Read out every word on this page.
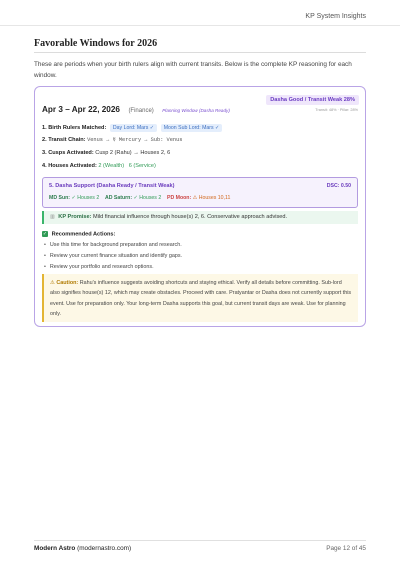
KP System Insights
Favorable Windows for 2026

These are periods when your birth rulers align with current transits. Below is the complete KP reasoning for each window.

Apr 3 – Apr 22, 2026 (Finance) Planning Window (Dasha Ready)
Dasha Good / Transit Weak 28%
Transit: 48% · Pillar: 28%
1. Birth Rulers Matched: Day Lord: Mars ✓ Moon Sub Lord: Mars ✓
2. Transit Chain: Venus → ☿ Mercury → Sub: Venus
3. Cusps Activated: Cusp 2 (Rahu) → Houses 2, 6
4. Houses Activated: 2 (Wealth) 6 (Service)
5. Dasha Support (Dasha Ready / Transit Weak)	DSC: 0.50
MD Sun: ✓ Houses 2 AD Saturn: ✓ Houses 2 PD Moon: ⚠ Houses 10,11
▥ KP Promise: Mild financial influence through house(s) 2, 6. Conservative approach advised.
✓ Recommended Actions:
• Use this time for background preparation and research.
• Review your current finance situation and identify gaps.
• Review your portfolio and research options.
⚠ Caution: Rahu's influence suggests avoiding shortcuts and staying ethical. Verify all details before committing. Sub-lord also signifies house(s) 12, which may create obstacles. Proceed with care. Pratyantar or Dasha does not currently support this event. Use for preparation only. Your long-term Dasha supports this goal, but current transit days are weak. Use for planning only.
Modern Astro (modernastro.com)	Page 12 of 45
